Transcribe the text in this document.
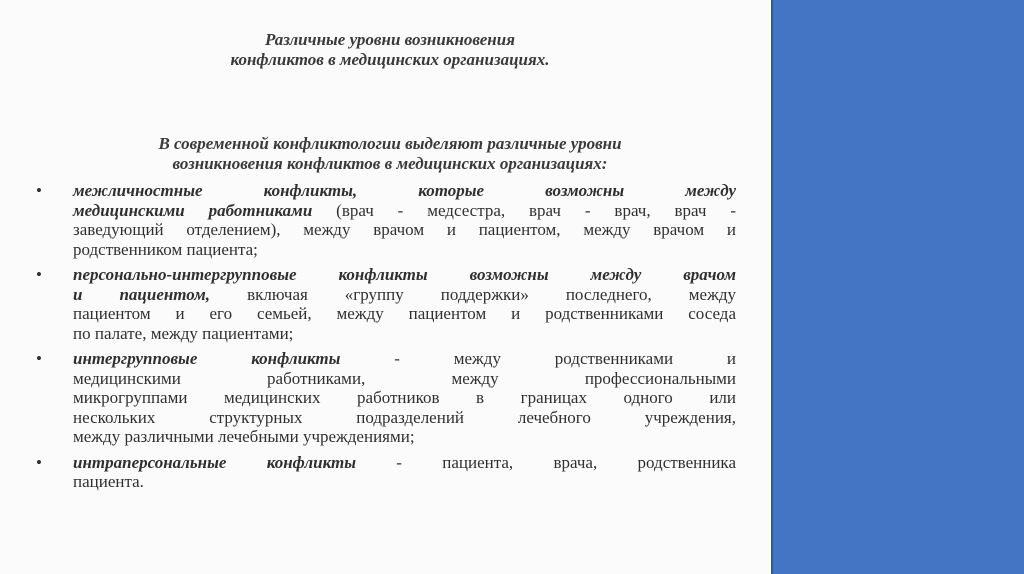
Различные уровни возникновения
конфликтов в медицинских организациях.
В современной конфликтологии выделяют различные уровни
возникновения конфликтов в медицинских организациях:
• межличностные конфликты, которые возможны между
медицинскими работниками (врач - медсестра, врач - врач, врач -
заведующий отделением), между врачом и пациентом, между врачом и
родственником пациента;
• персонально-интергрупповые конфликты возможны между врачом
и пациентом, включая «группу поддержки» последнего, между
пациентом и его семьей, между пациентом и родственниками соседа
по палате, между пациентами;
• интергрупповые конфликты - между родственниками и
медицинскими работниками, между профессиональными
микрогруппами медицинских работников в границах одного или
нескольких структурных подразделений лечебного учреждения,
между различными лечебными учреждениями;
• интраперсональные конфликты - пациента, врача, родственника
пациента.
